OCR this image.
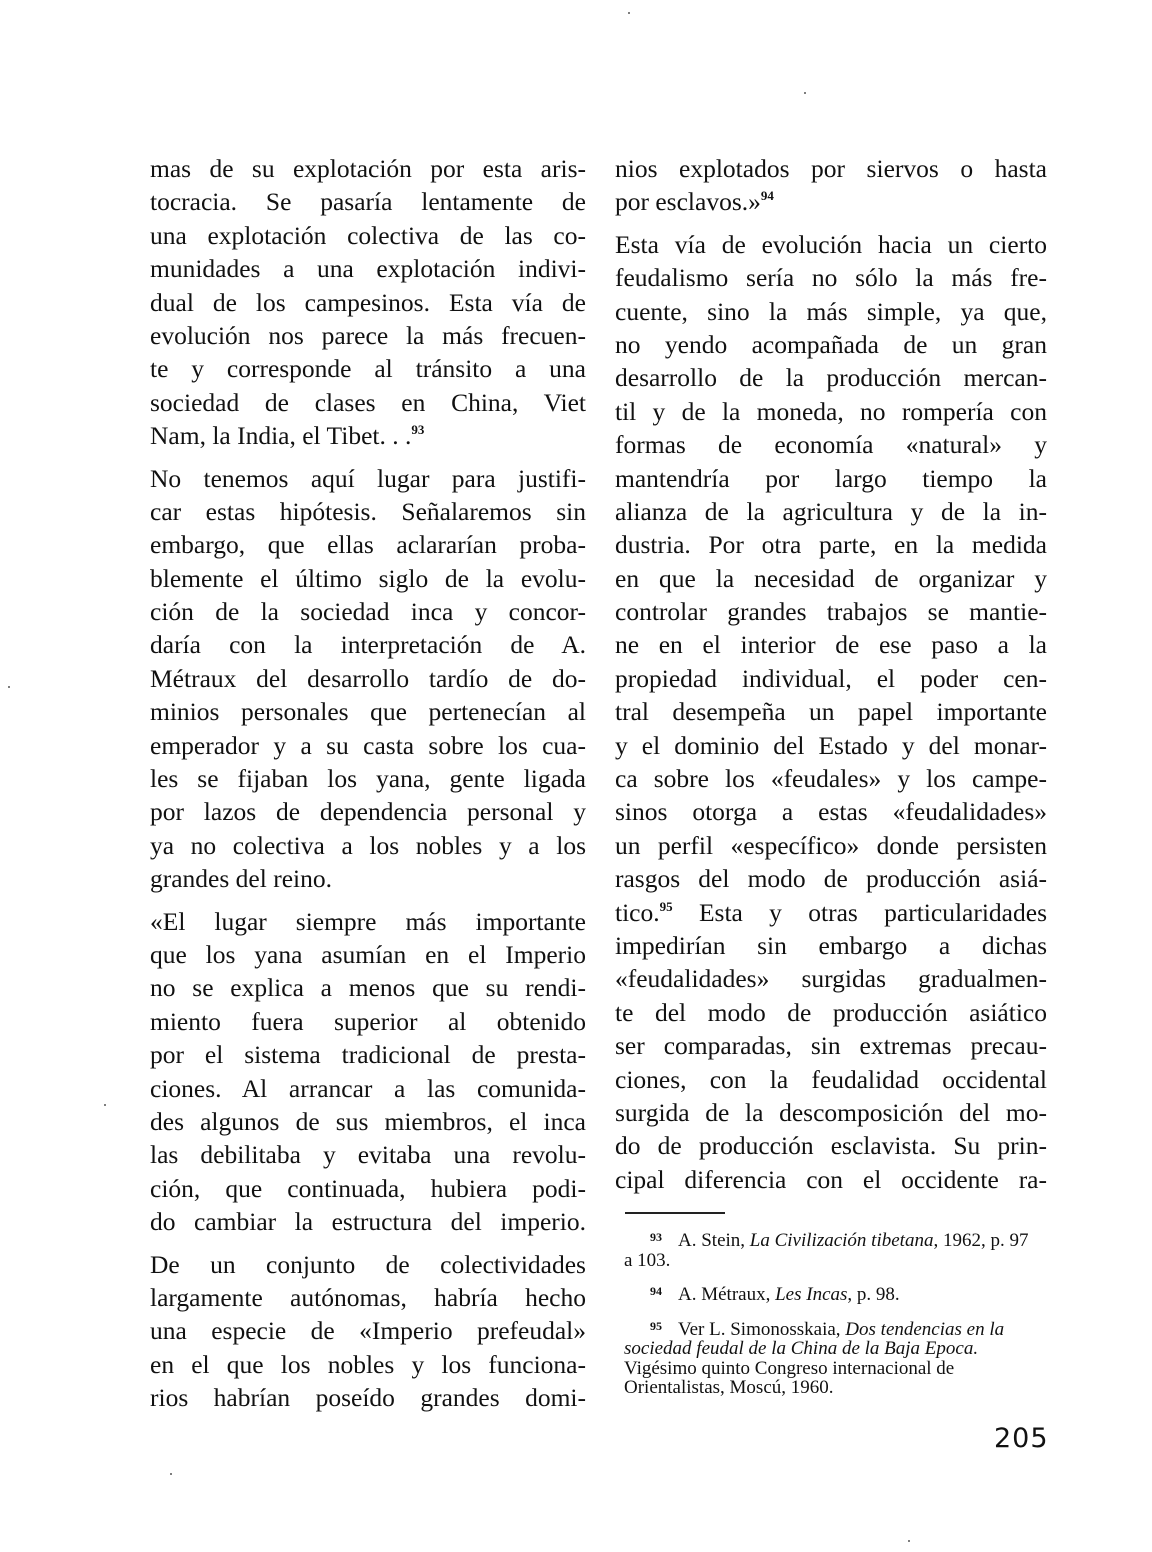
mas de su explotación por esta aris-
tocracia. Se pasaría lentamente de
una explotación colectiva de las co-
munidades a una explotación indivi-
dual de los campesinos. Esta vía de
evolución nos parece la más frecuen-
te y corresponde al tránsito a una
sociedad de clases en China, Viet
Nam, la India, el Tibet. . .$^{93}$
No tenemos aquí lugar para justifi-
car estas hipótesis. Señalaremos sin
embargo, que ellas aclararían proba-
blemente el último siglo de la evolu-
ción de la sociedad inca y concor-
daría con la interpretación de A.
Métraux del desarrollo tardío de do-
minios personales que pertenecían al
emperador y a su casta sobre los cua-
les se fijaban los yana, gente ligada
por lazos de dependencia personal y
ya no colectiva a los nobles y a los
grandes del reino.
«El lugar siempre más importante
que los yana asumían en el Imperio
no se explica a menos que su rendi-
miento fuera superior al obtenido
por el sistema tradicional de presta-
ciones. Al arrancar a las comunida-
des algunos de sus miembros, el inca
las debilitaba y evitaba una revolu-
ción, que continuada, hubiera podi-
do cambiar la estructura del imperio.
De un conjunto de colectividades
largamente autónomas, habría hecho
una especie de «Imperio prefeudal»
en el que los nobles y los funciona-
rios habrían poseído grandes domi-
nios explotados por siervos o hasta
por esclavos.»$^{94}$
Esta vía de evolución hacia un cierto
feudalismo sería no sólo la más fre-
cuente, sino la más simple, ya que,
no yendo acompañada de un gran
desarrollo de la producción mercan-
til y de la moneda, no rompería con
formas de economía «natural» y
mantendría por largo tiempo la
alianza de la agricultura y de la in-
dustria. Por otra parte, en la medida
en que la necesidad de organizar y
controlar grandes trabajos se mantie-
ne en el interior de ese paso a la
propiedad individual, el poder cen-
tral desempeña un papel importante
y el dominio del Estado y del monar-
ca sobre los «feudales» y los campe-
sinos otorga a estas «feudalidades»
un perfil «específico» donde persisten
rasgos del modo de producción asiá-
tico.$^{95}$ Esta y otras particularidades
impedirían sin embargo a dichas
«feudalidades» surgidas gradualmen-
te del modo de producción asiático
ser comparadas, sin extremas precau-
ciones, con la feudalidad occidental
surgida de la descomposición del mo-
do de producción esclavista. Su prin-
cipal diferencia con el occidente ra-
$^{93}$ A. Stein, La Civilización tibetana, 1962, p. 97 a 103.
$^{94}$ A. Métraux, Les Incas, p. 98.
$^{95}$ Ver L. Simonosskaia, Dos tendencias en la sociedad feudal de la China de la Baja Epoca. Vigésimo quinto Congreso internacional de Orientalistas, Moscú, 1960.
205
